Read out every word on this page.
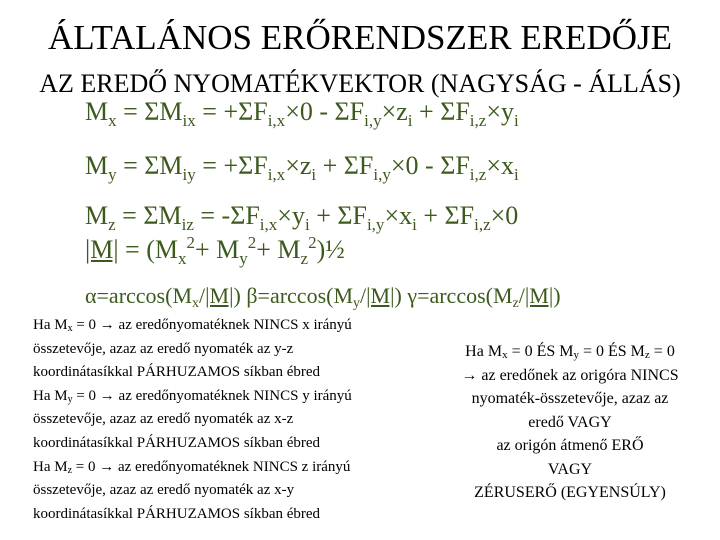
ÁLTALÁNOS ERŐRENDSZER EREDŐJE
AZ EREDŐ NYOMATÉKVEKTOR (NAGYSÁG - ÁLLÁS)
$M_x = \Sigma M_{ix} = +\Sigma F_{i,x}\times 0 - \Sigma F_{i,y}\times z_i + \Sigma F_{i,z}\times y_i$
$M_y = \Sigma M_{iy} = +\Sigma F_{i,x}\times z_i + \Sigma F_{i,y}\times 0 - \Sigma F_{i,z}\times x_i$
$M_z = \Sigma M_{iz} = -\Sigma F_{i,x}\times y_i + \Sigma F_{i,y}\times x_i + \Sigma F_{i,z}\times 0$
$|M| = (M_x^2+ M_y^2+$ $M_z^2)\frac{1}{2}$
$\alpha=\arccos(M_x/|M|)$ $\beta=\arccos(M_y/|M|)$ $\gamma=\arccos(M_z/|M|)$
Ha $M_x = 0$ → az eredőnyomatéknek NINCS x irányú
összetevője, azaz az eredő nyomaték az y-z
koordinátasíkkal PÁRHUZAMOS síkban ébred
Ha $M_y = 0$ → az eredőnyomatéknek NINCS y irányú
összetevője, azaz az eredő nyomaték az x-z
koordinátasíkkal PÁRHUZAMOS síkban ébred
Ha $M_z = 0$ → az eredőnyomatéknek NINCS z irányú
összetevője, azaz az eredő nyomaték az x-y
koordinátasíkkal PÁRHUZAMOS síkban ébred
Ha $M_x = 0$ ÉS $M_y = 0$ ÉS $M_z = 0$
→ az eredőnek az origóra NINCS
nyomaték-összetevője, azaz az
eredő VAGY
az origón átmenő ERŐ
VAGY
ZÉRUSERŐ (EGYENSÚLY)
